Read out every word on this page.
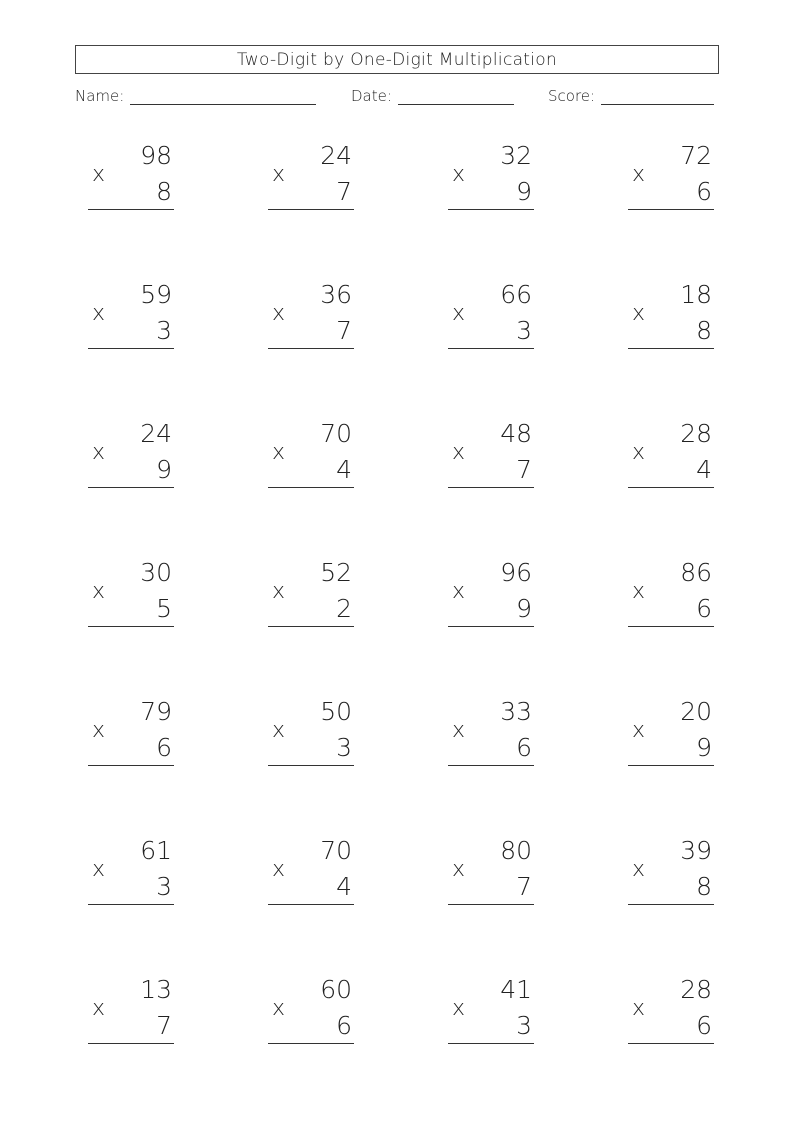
Two-Digit by One-Digit Multiplication
Name:	Date:	Score:
98
x
8
24
x
7
32
x
9
72
x
6
59
x
3
36
x
7
66
x
3
18
x
8
24
x
9
70
x
4
48
x
7
28
x
4
30
x
5
52
x
2
96
x
9
86
x
6
79
x
6
50
x
3
33
x
6
20
x
9
61
x
3
70
x
4
80
x
7
39
x
8
13
x
7
60
x
6
41
x
3
28
x
6
